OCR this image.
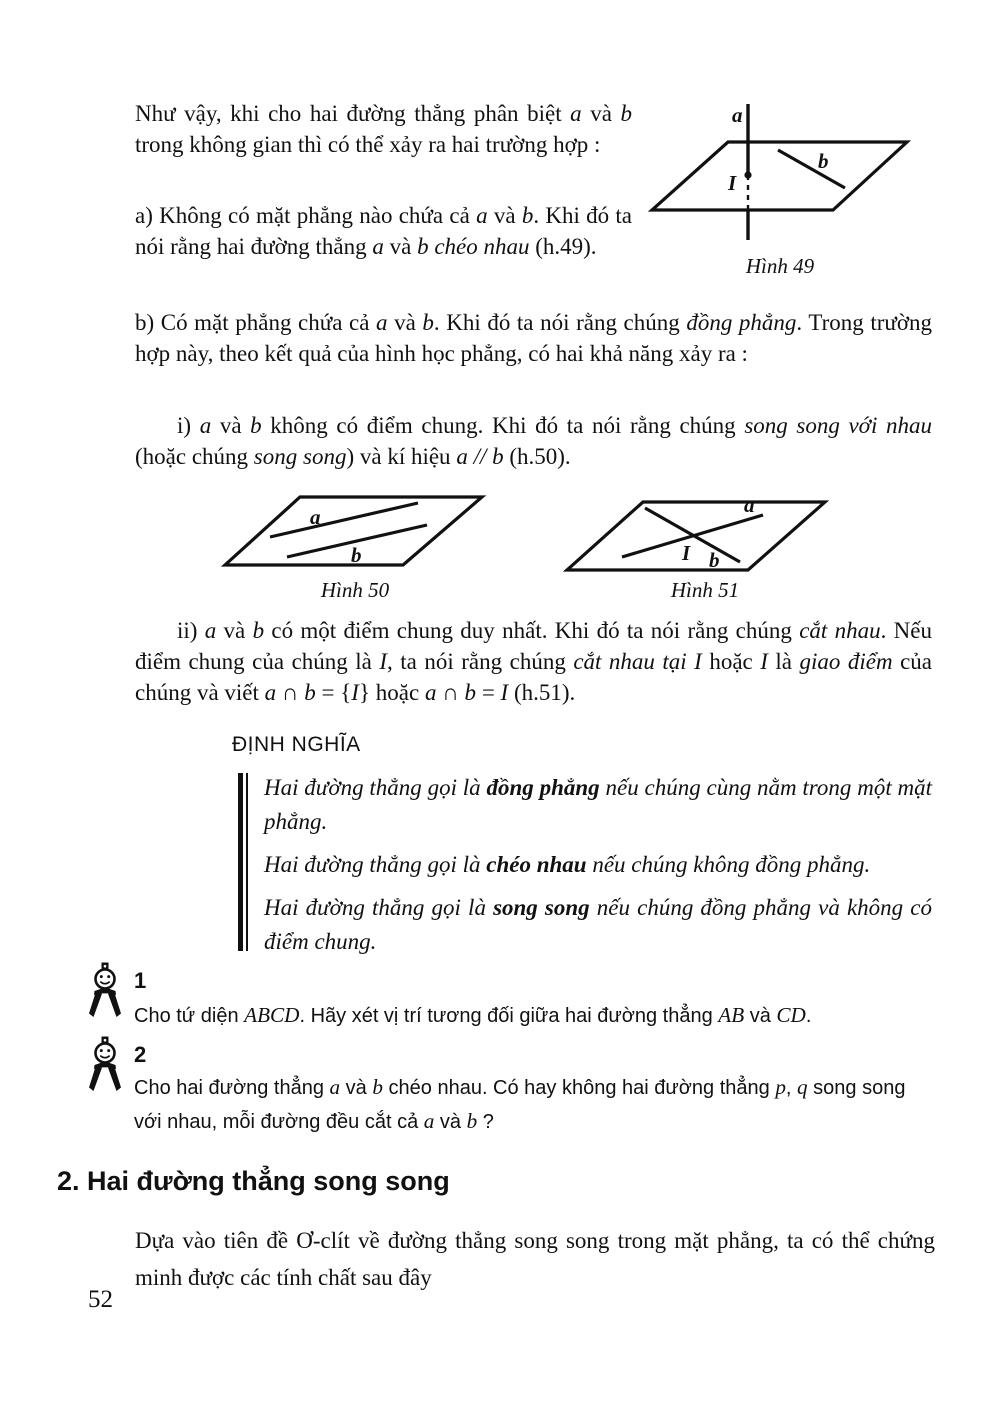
Như vậy, khi cho hai đường thẳng phân biệt a và b trong không gian thì có thể xảy ra hai trường hợp :
a) Không có mặt phẳng nào chứa cả a và b. Khi đó ta nói rằng hai đường thẳng a và b chéo nhau (h.49).
a
I
b
Hình 49
b) Có mặt phẳng chứa cả a và b. Khi đó ta nói rằng chúng đồng phẳng. Trong trường hợp này, theo kết quả của hình học phẳng, có hai khả năng xảy ra :
i) a và b không có điểm chung. Khi đó ta nói rằng chúng song song với nhau (hoặc chúng song song) và kí hiệu a // b (h.50).
a
b
Hình 50
a
I b
Hình 51
ii) a và b có một điểm chung duy nhất. Khi đó ta nói rằng chúng cắt nhau. Nếu điểm chung của chúng là I, ta nói rằng chúng cắt nhau tại I hoặc I là giao điểm của chúng và viết a ∩ b = {I} hoặc a ∩ b = I (h.51).
ĐỊNH NGHĨA

Hai đường thẳng gọi là đồng phẳng nếu chúng cùng nằm trong một mặt phẳng.

Hai đường thẳng gọi là chéo nhau nếu chúng không đồng phẳng.

Hai đường thẳng gọi là song song nếu chúng đồng phẳng và không có điểm chung.

1
Cho tứ diện ABCD. Hãy xét vị trí tương đối giữa hai đường thẳng AB và CD.
2
Cho hai đường thẳng a và b chéo nhau. Có hay không hai đường thẳng p, q song song với nhau, mỗi đường đều cắt cả a và b ?
2. Hai đường thẳng song song
Dựa vào tiên đề Ơ-clít về đường thẳng song song trong mặt phẳng, ta có thể chứng minh được các tính chất sau đây
52
